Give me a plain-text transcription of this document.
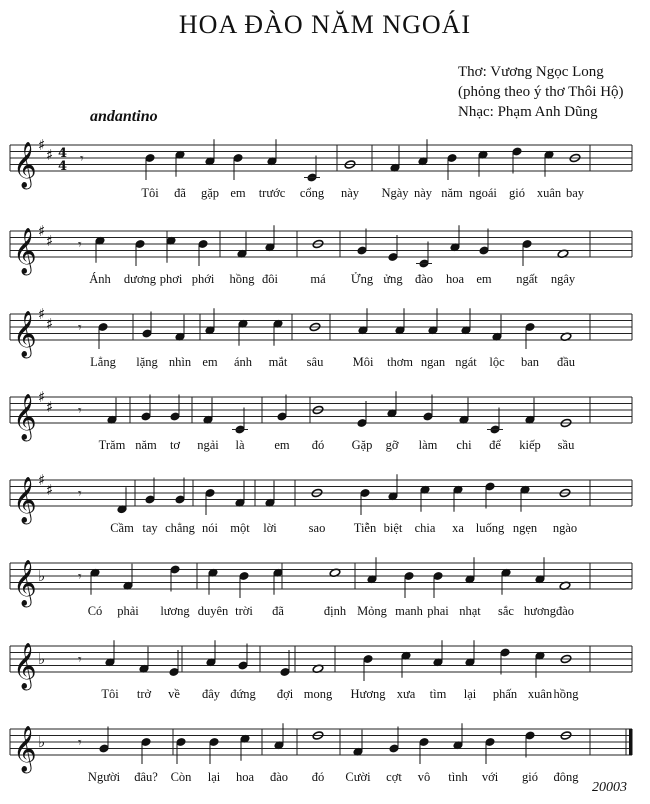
HOA ĐÀO NĂM NGOÁI
Thơ: Vương Ngọc Long
(phỏng theo ý thơ Thôi Hộ)
Nhạc: Phạm Anh Dũng
andantino
𝄞 ♯
♯ 4
4 𝄾
Tôi đã gặp em trước cổng này Ngày này năm ngoái gió xuân bay
𝄞 ♯
♯ 𝄾
Ánh dương phơi phới hồng đôi	má Ửng ửng đào hoa em ngất ngây
𝄞 ♯
♯ 𝄾
Lẳng lặng nhìn em ánh mắt sâu Môi thơm ngan ngát lộc ban đầu
𝄞 ♯
♯ 𝄾
Trăm năm tơ ngải là em đó Gặp gỡ làm chi để kiếp sầu
𝄞 ♯
♯ 𝄾
Cầm tay chẳng nói một lời	sao Tiễn biệt chia xa luống ngẹn ngào
𝄞 ♭ 𝄾
Có phải lương duyên trời đã	định Mỏng manh phai nhạt sắc hương đào
𝄞 ♭ 𝄾
Tôi trở về đây đứng đợi mong Hương xưa tìm lại phấn xuân hồng
𝄞 ♭ 𝄾
Người đâu? Còn lại hoa đào đó Cười cợt vô tình với gió đông
20003
